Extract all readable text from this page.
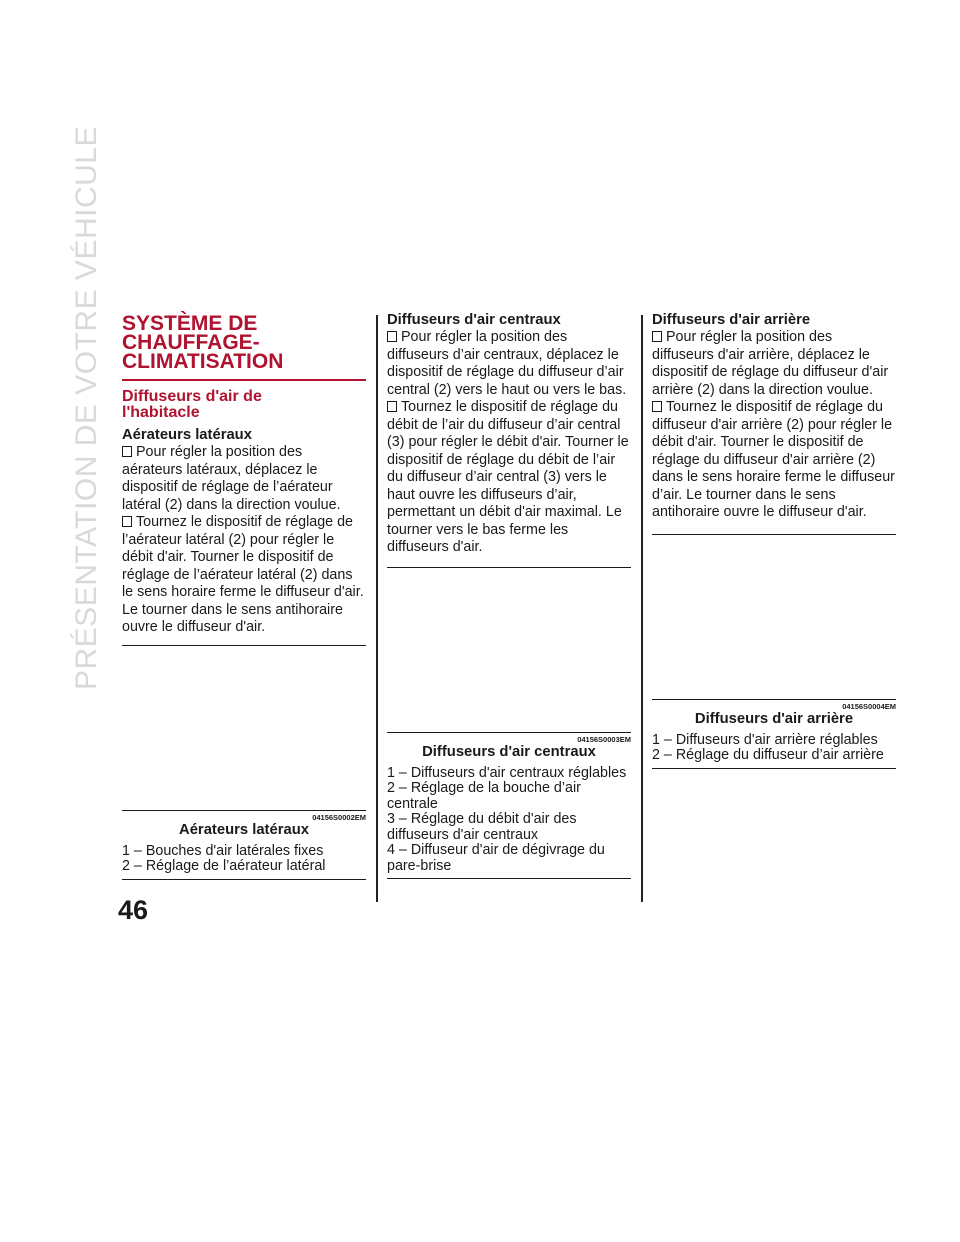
PRÉSENTATION DE VOTRE VÉHICULE
46
SYSTÈME DE
CHAUFFAGE-
CLIMATISATION
Diffuseurs d'air de
l'habitacle

Aérateurs latéraux

Pour régler la position des aérateurs latéraux, déplacez le dispositif de réglage de l’aérateur latéral (2) dans la direction voulue.

Tournez le dispositif de réglage de l’aérateur latéral (2) pour régler le débit d'air. Tourner le dispositif de réglage de l’aérateur latéral (2) dans le sens horaire ferme le diffuseur d'air. Le tourner dans le sens antihoraire ouvre le diffuseur d'air.

04156S0002EM
Aérateurs latéraux

1 – Bouches d'air latérales fixes

2 – Réglage de l’aérateur latéral

Diffuseurs d'air centraux

Pour régler la position des diffuseurs d’air centraux, déplacez le dispositif de réglage du diffuseur d’air central (2) vers le haut ou vers le bas.

Tournez le dispositif de réglage du débit de l’air du diffuseur d’air central (3) pour régler le débit d'air. Tourner le dispositif de réglage du débit de l’air du diffuseur d’air central (3) vers le haut ouvre les diffuseurs d’air, permettant un débit d'air maximal. Le tourner vers le bas ferme les diffuseurs d'air.

04156S0003EM
Diffuseurs d'air centraux

1 – Diffuseurs d'air centraux réglables

2 – Réglage de la bouche d’air centrale

3 – Réglage du débit d'air des diffuseurs d'air centraux

4 – Diffuseur d'air de dégivrage du pare-brise

Diffuseurs d'air arrière

Pour régler la position des diffuseurs d'air arrière, déplacez le dispositif de réglage du diffuseur d'air arrière (2) dans la direction voulue.

Tournez le dispositif de réglage du diffuseur d'air arrière (2) pour régler le débit d'air. Tourner le dispositif de réglage du diffuseur d'air arrière (2) dans le sens horaire ferme le diffuseur d’air. Le tourner dans le sens antihoraire ouvre le diffuseur d'air.

04156S0004EM
Diffuseurs d'air arrière

1 – Diffuseurs d'air arrière réglables

2 – Réglage du diffuseur d’air arrière
